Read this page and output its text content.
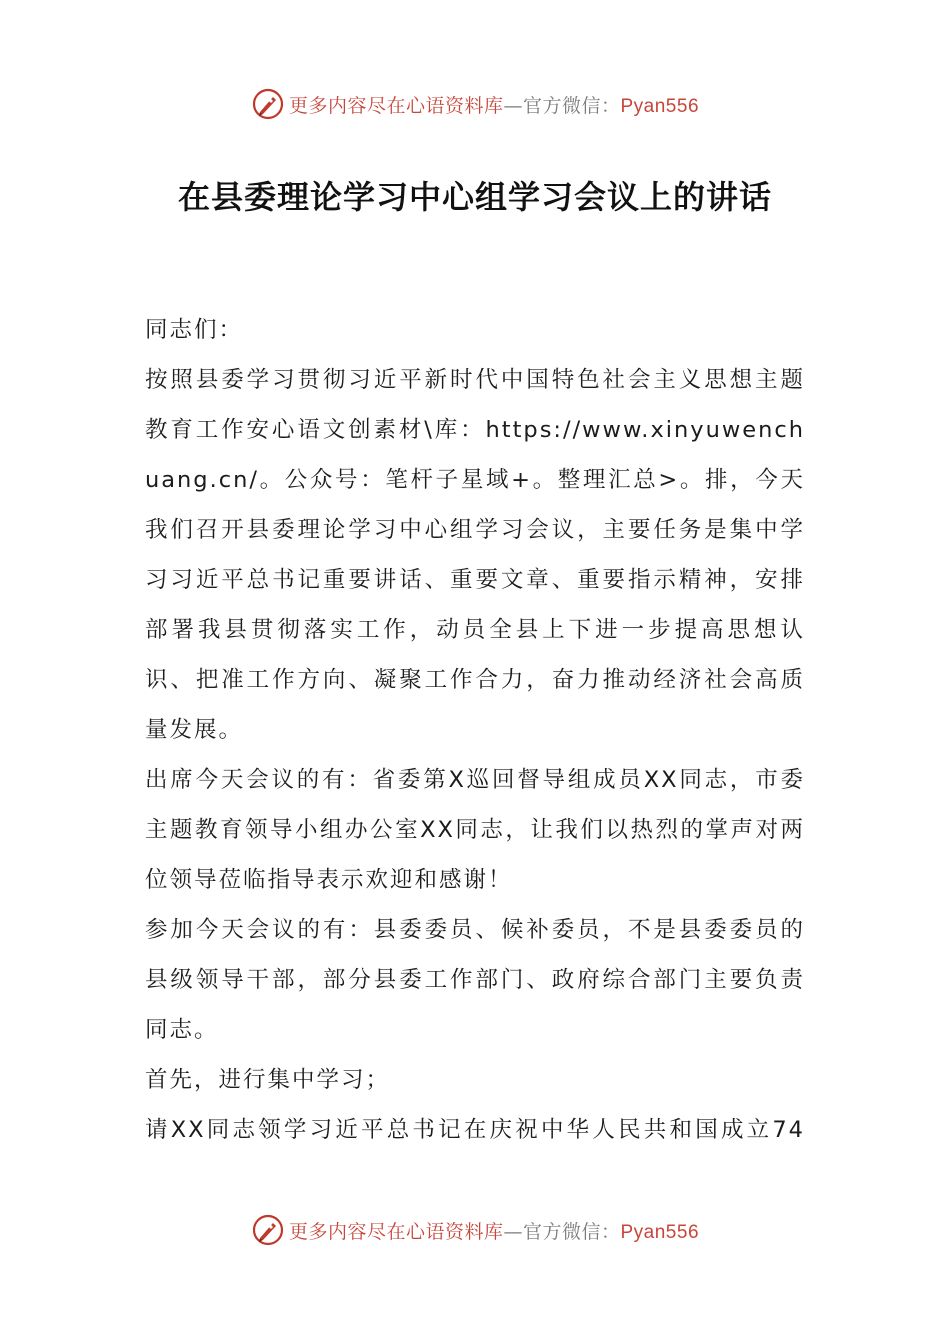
更多内容尽在心语资料库—官方微信：Pyan556
在县委理论学习中心组学习会议上的讲话

同志们：

按照县委学习贯彻习近平新时代中国特色社会主义思想主题教育工作安心语文创素材\库：https://www.xinyuwenchuang.cn/。公众号：笔杆子星域+。整理汇总>。排，今天我们召开县委理论学习中心组学习会议，主要任务是集中学习习近平总书记重要讲话、重要文章、重要指示精神，安排部署我县贯彻落实工作，动员全县上下进一步提高思想认识、把准工作方向、凝聚工作合力，奋力推动经济社会高质量发展。

出席今天会议的有：省委第X巡回督导组成员XX同志，市委主题教育领导小组办公室XX同志，让我们以热烈的掌声对两位领导莅临指导表示欢迎和感谢！

参加今天会议的有：县委委员、候补委员，不是县委委员的县级领导干部，部分县委工作部门、政府综合部门主要负责同志。

首先，进行集中学习；

请XX同志领学习近平总书记在庆祝中华人民共和国成立74

更多内容尽在心语资料库—官方微信：Pyan556
